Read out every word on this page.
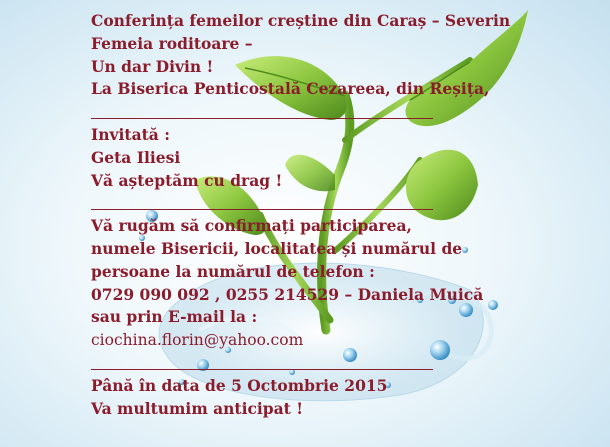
Conferința femeilor creștine din Caraș – Severin
Femeia roditoare –
Un dar Divin !
La Biserica Penticostală Cezareea, din Reșița,
Invitată :
Geta Iliesi
Vă așteptăm cu drag !
Vă rugăm să confirmați participarea,
numele Bisericii, localitatea și numărul de
persoane la numărul de telefon :
0729 090 092 , 0255 214529 – Daniela Muică
sau prin E-mail la :
ciochina.florin@yahoo.com
Până în data de 5 Octombrie 2015
Va multumim anticipat !
